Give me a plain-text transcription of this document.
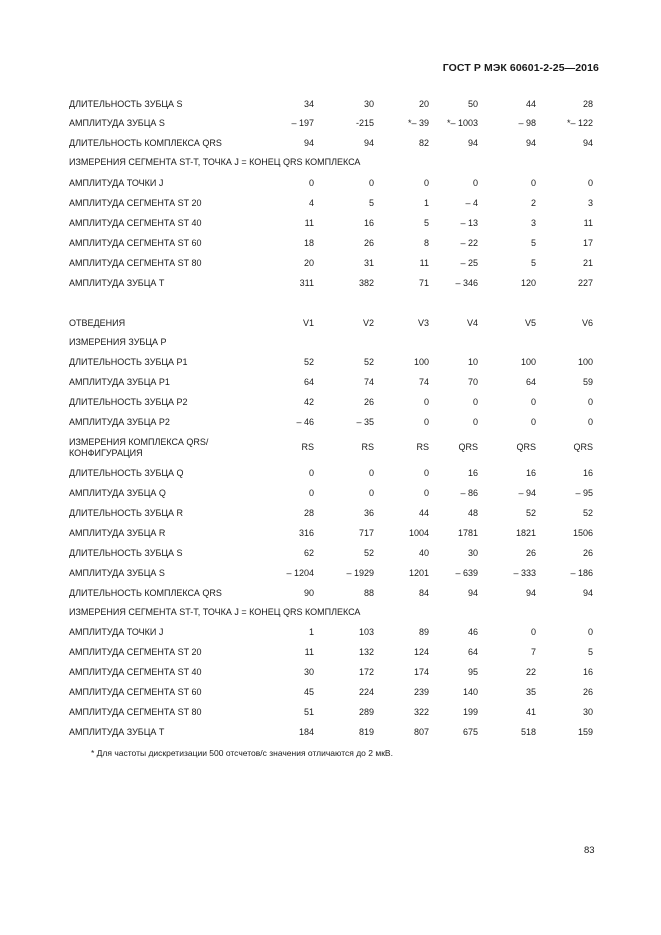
ГОСТ Р МЭК 60601-2-25—2016
ДЛИТЕЛЬНОСТЬ ЗУБЦА S	34	30	20	50	44	28
АМПЛИТУДА ЗУБЦА S	– 197	-215	*– 39	*– 1003	– 98	*– 122
ДЛИТЕЛЬНОСТЬ КОМПЛЕКСА QRS	94	94	82	94	94	94
ИЗМЕРЕНИЯ СЕГМЕНТА ST-T, ТОЧКА J = КОНЕЦ QRS КОМПЛЕКСА
АМПЛИТУДА ТОЧКИ J	0	0	0	0	0	0
АМПЛИТУДА СЕГМЕНТА ST 20	4	5	1	– 4	2	3
АМПЛИТУДА СЕГМЕНТА ST 40	11	16	5	– 13	3	11
АМПЛИТУДА СЕГМЕНТА ST 60	18	26	8	– 22	5	17
АМПЛИТУДА СЕГМЕНТА ST 80	20	31	11	– 25	5	21
АМПЛИТУДА ЗУБЦА Т	311	382	71	– 346	120	227
ОТВЕДЕНИЯ	V1	V2	V3	V4	V5	V6
ИЗМЕРЕНИЯ ЗУБЦА Р
ДЛИТЕЛЬНОСТЬ ЗУБЦА Р1	52	52	100	10	100	100
АМПЛИТУДА ЗУБЦА Р1	64	74	74	70	64	59
ДЛИТЕЛЬНОСТЬ ЗУБЦА Р2	42	26	0	0	0	0
АМПЛИТУДА ЗУБЦА Р2	– 46	– 35	0	0	0	0
ИЗМЕРЕНИЯ КОМПЛЕКСА QRS/КОНФИГУРАЦИЯ
RS	RS	RS	QRS	QRS	QRS
ДЛИТЕЛЬНОСТЬ ЗУБЦА Q	0	0	0	16	16	16
АМПЛИТУДА ЗУБЦА Q	0	0	0	– 86	– 94	– 95
ДЛИТЕЛЬНОСТЬ ЗУБЦА R	28	36	44	48	52	52
АМПЛИТУДА ЗУБЦА R	316	717	1004	1781	1821	1506
ДЛИТЕЛЬНОСТЬ ЗУБЦА S	62	52	40	30	26	26
АМПЛИТУДА ЗУБЦА S	– 1204	– 1929	1201	– 639	– 333	– 186
ДЛИТЕЛЬНОСТЬ КОМПЛЕКСА QRS	90	88	84	94	94	94
ИЗМЕРЕНИЯ СЕГМЕНТА ST-T, ТОЧКА J = КОНЕЦ QRS КОМПЛЕКСА
АМПЛИТУДА ТОЧКИ J	1	103	89	46	0	0
АМПЛИТУДА СЕГМЕНТА ST 20	11	132	124	64	7	5
АМПЛИТУДА СЕГМЕНТА ST 40	30	172	174	95	22	16
АМПЛИТУДА СЕГМЕНТА ST 60	45	224	239	140	35	26
АМПЛИТУДА СЕГМЕНТА ST 80	51	289	322	199	41	30
АМПЛИТУДА ЗУБЦА Т	184	819	807	675	518	159
* Для частоты дискретизации 500 отсчетов/с значения отличаются до 2 мкВ.
83
